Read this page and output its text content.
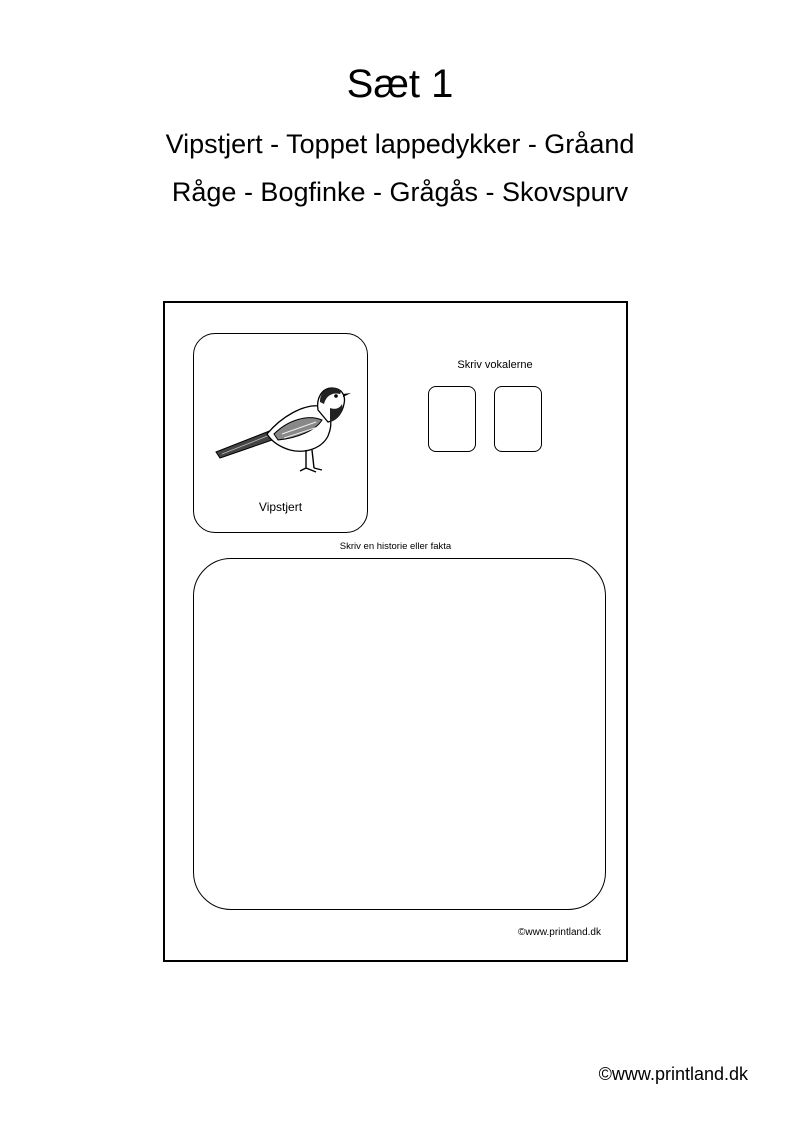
Sæt 1
Vipstjert - Toppet lappedykker - Gråand
Råge - Bogfinke - Grågås - Skovspurv
Vipstjert
Skriv vokalerne
Skriv en historie eller fakta
©www.printland.dk
©www.printland.dk
